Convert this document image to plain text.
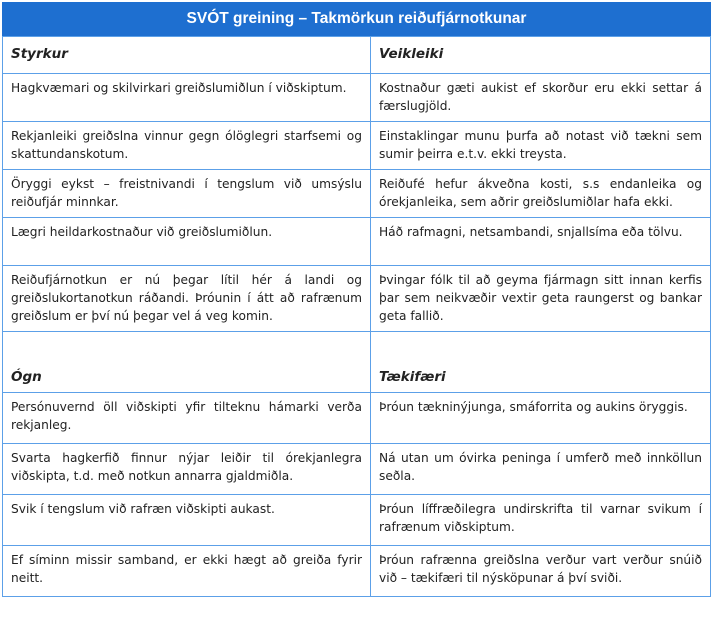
SVÓT greining – Takmörkun reiðufjárnotkunar
Styrkur	Veikleiki
Hagkvæmari og skilvirkari greiðslumiðlun í viðskiptum.	Kostnaður gæti aukist ef skorður eru ekki settar á færslugjöld.
Rekjanleiki greiðslna vinnur gegn ólöglegri starfsemi og skattundanskotum.	Einstaklingar munu þurfa að notast við tækni sem sumir þeirra e.t.v. ekki treysta.
Öryggi eykst – freistnivandi í tengslum við umsýslu reiðufjár minnkar.	Reiðufé hefur ákveðna kosti, s.s endanleika og órekjanleika, sem aðrir greiðslumiðlar hafa ekki.
Lægri heildarkostnaður við greiðslumiðlun.	Háð rafmagni, netsambandi, snjallsíma eða tölvu.
Reiðufjárnotkun er nú þegar lítil hér á landi og greiðslukortanotkun ráðandi. Þróunin í átt að rafrænum greiðslum er því nú þegar vel á veg komin.	Þvingar fólk til að geyma fjármagn sitt innan kerfis þar sem neikvæðir vextir geta raungerst og bankar geta fallið.
Ógn	Tækifæri
Persónuvernd öll viðskipti yfir tilteknu hámarki verða rekjanleg.	Þróun tækninýjunga, smáforrita og aukins öryggis.
Svarta hagkerfið finnur nýjar leiðir til órekjanlegra viðskipta, t.d. með notkun annarra gjaldmiðla.	Ná utan um óvirka peninga í umferð með innköllun seðla.
Svik í tengslum við rafræn viðskipti aukast.	Þróun líffræðilegra undirskrifta til varnar svikum í rafrænum viðskiptum.
Ef síminn missir samband, er ekki hægt að greiða fyrir neitt.	Þróun rafrænna greiðslna verður vart verður snúið við – tækifæri til nýsköpunar á því sviði.
